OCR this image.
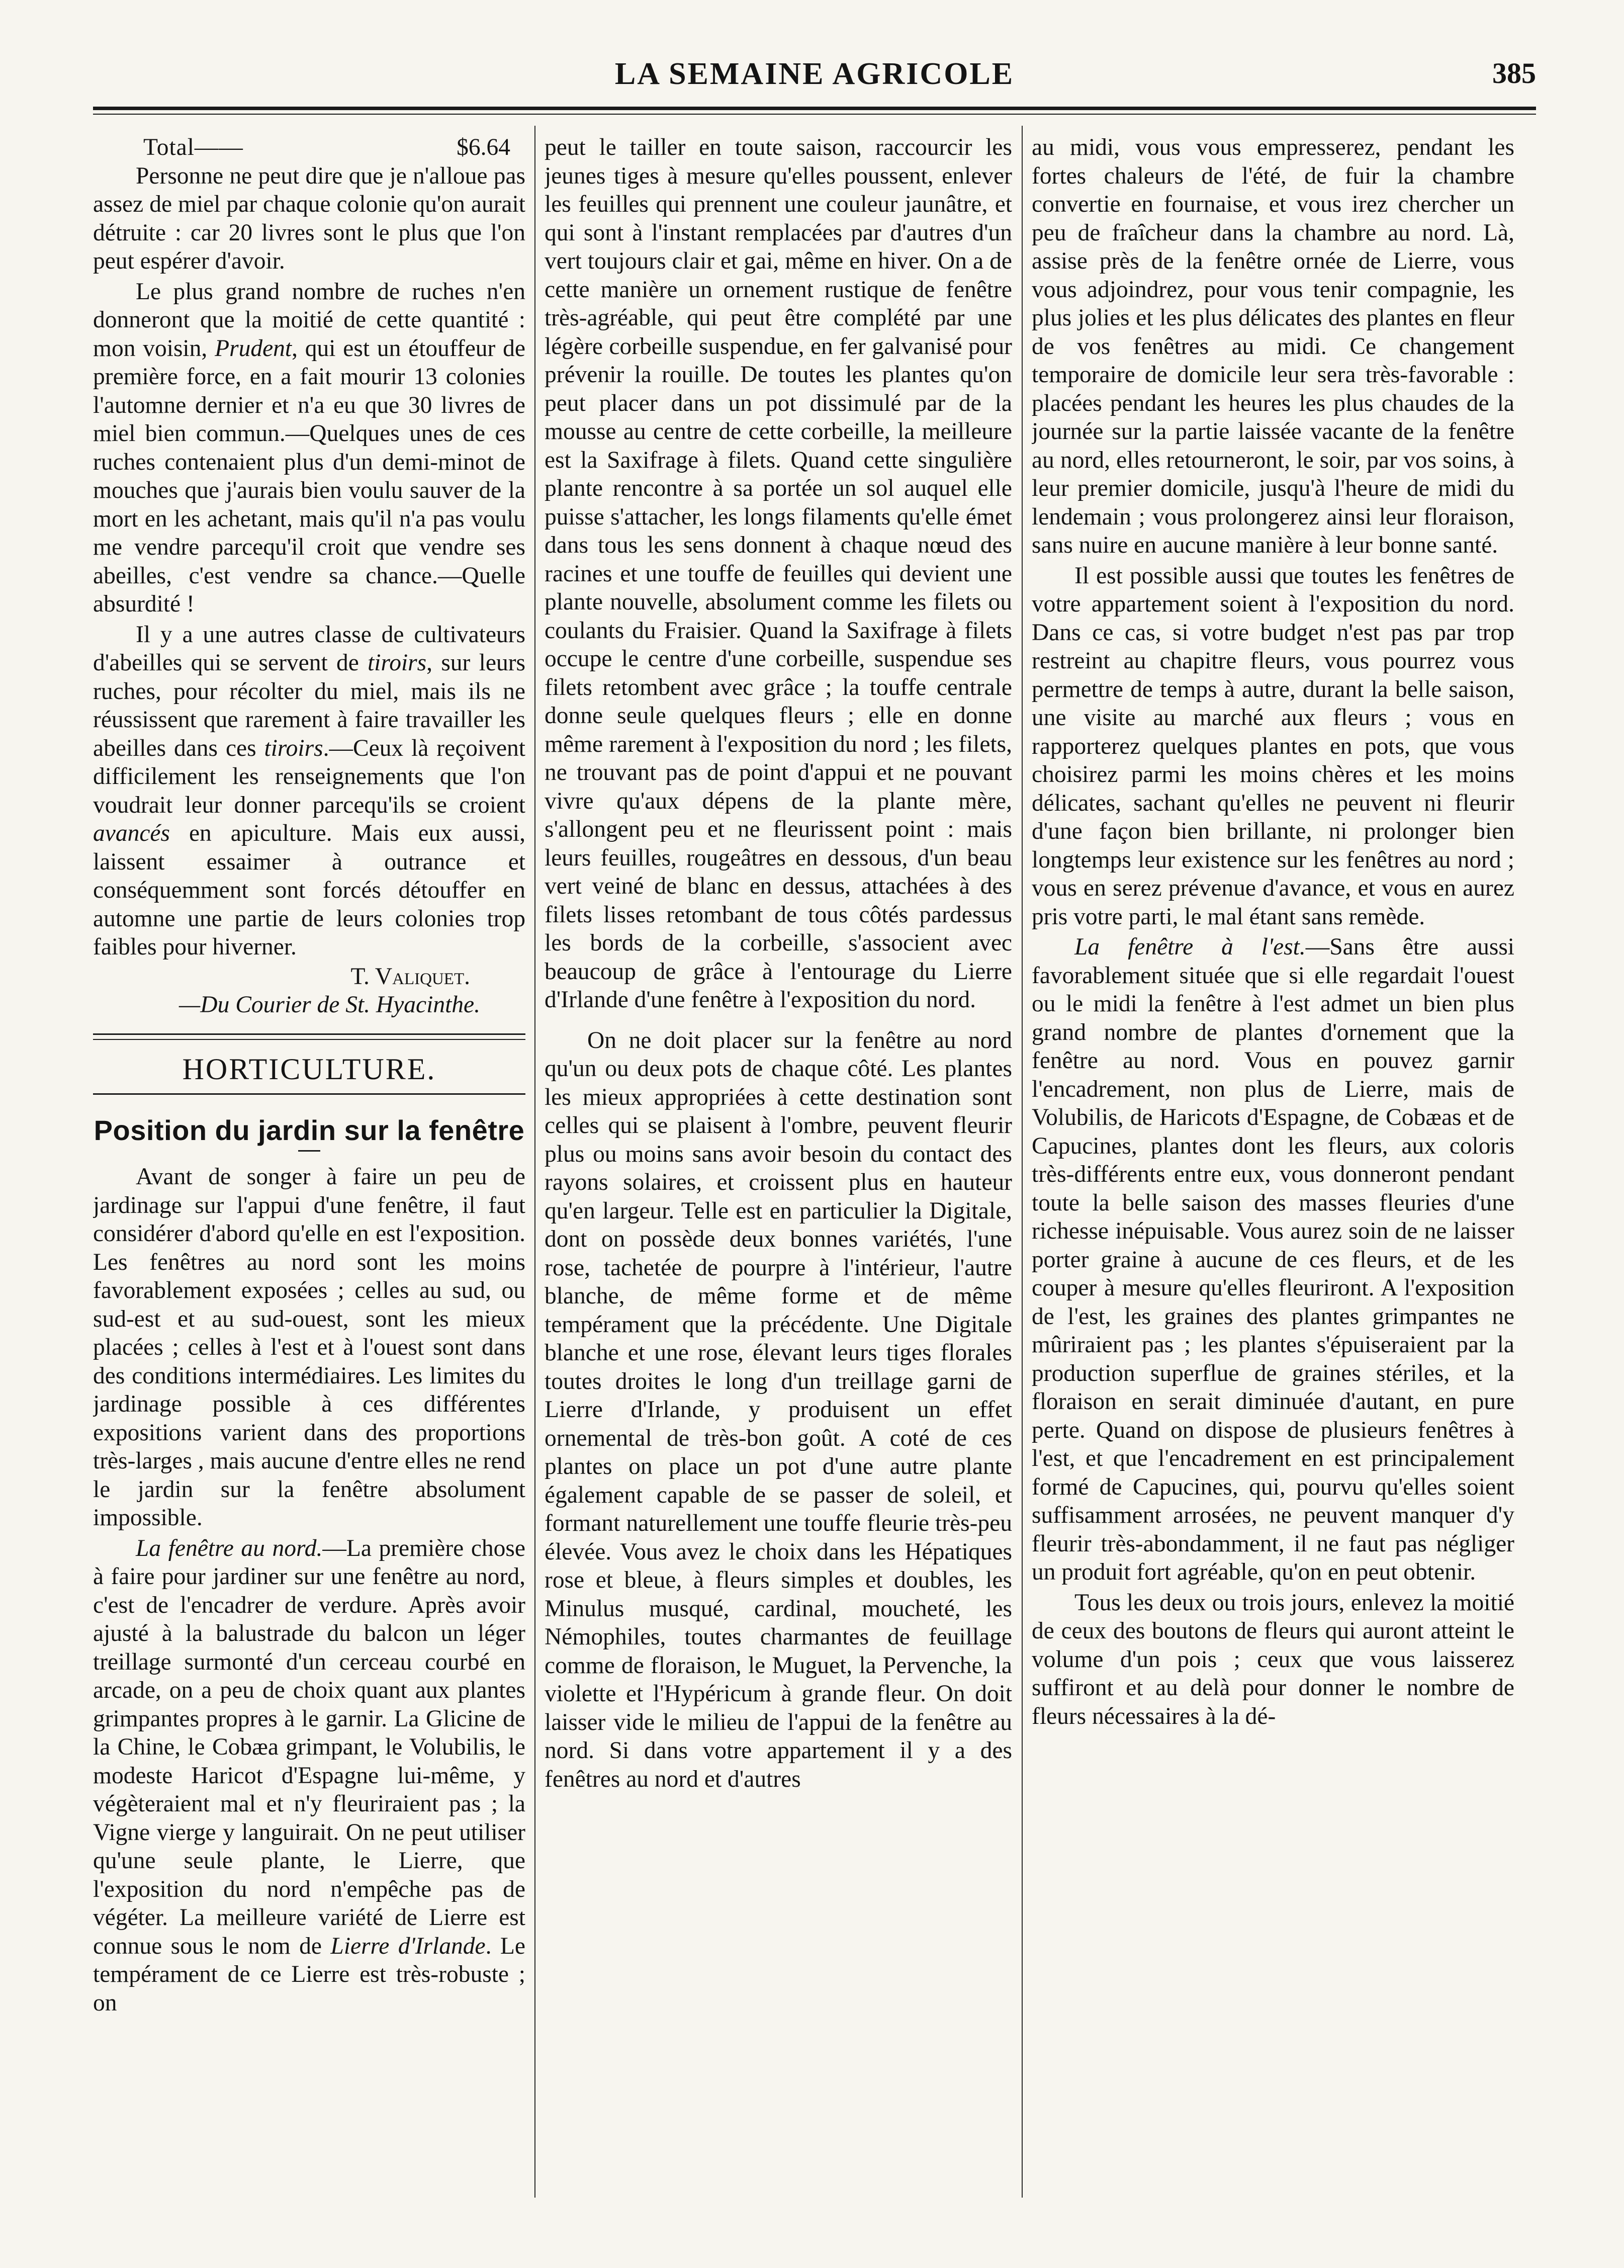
LA SEMAINE AGRICOLE	385
Total——	$6.64

Personne ne peut dire que je n'alloue pas assez de miel par chaque colonie qu'on aurait détruite : car 20 livres sont le plus que l'on peut espérer d'avoir.

Le plus grand nombre de ruches n'en donneront que la moitié de cette quantité : mon voisin, Prudent, qui est un étouffeur de première force, en a fait mourir 13 colonies l'automne dernier et n'a eu que 30 livres de miel bien commun.—Quelques unes de ces ruches contenaient plus d'un demi-minot de mouches que j'aurais bien voulu sauver de la mort en les achetant, mais qu'il n'a pas voulu me vendre parcequ'il croit que vendre ses abeilles, c'est vendre sa chance.—Quelle absurdité !

Il y a une autres classe de cultivateurs d'abeilles qui se servent de tiroirs, sur leurs ruches, pour récolter du miel, mais ils ne réussissent que rarement à faire travailler les abeilles dans ces tiroirs.—Ceux là reçoivent difficilement les renseignements que l'on voudrait leur donner parcequ'ils se croient avancés en apiculture. Mais eux aussi, laissent essaimer à outrance et conséquemment sont forcés détouffer en automne une partie de leurs colonies trop faibles pour hiverner.

T. Valiquet.
—Du Courier de St. Hyacinthe.
HORTICULTURE.
Position du jardin sur la fenêtre

Avant de songer à faire un peu de jardinage sur l'appui d'une fenêtre, il faut considérer d'abord qu'elle en est l'exposition. Les fenêtres au nord sont les moins favorablement exposées ; celles au sud, ou sud-est et au sud-ouest, sont les mieux placées ; celles à l'est et à l'ouest sont dans des conditions intermédiaires. Les limites du jardinage possible à ces différentes expositions varient dans des proportions très-larges , mais aucune d'entre elles ne rend le jardin sur la fenêtre absolument impossible.

La fenêtre au nord.—La première chose à faire pour jardiner sur une fenêtre au nord, c'est de l'encadrer de verdure. Après avoir ajusté à la balustrade du balcon un léger treillage surmonté d'un cerceau courbé en arcade, on a peu de choix quant aux plantes grimpantes propres à le garnir. La Glicine de la Chine, le Cobæa grimpant, le Volubilis, le modeste Haricot d'Espagne lui-même, y végèteraient mal et n'y fleuriraient pas ; la Vigne vierge y languirait. On ne peut utiliser qu'une seule plante, le Lierre, que l'exposition du nord n'empêche pas de végéter. La meilleure variété de Lierre est connue sous le nom de Lierre d'Irlande. Le tempérament de ce Lierre est très-robuste ; on

peut le tailler en toute saison, raccourcir les jeunes tiges à mesure qu'elles poussent, enlever les feuilles qui prennent une couleur jaunâtre, et qui sont à l'instant remplacées par d'autres d'un vert toujours clair et gai, même en hiver. On a de cette manière un ornement rustique de fenêtre très-agréable, qui peut être complété par une légère corbeille suspendue, en fer galvanisé pour prévenir la rouille. De toutes les plantes qu'on peut placer dans un pot dissimulé par de la mousse au centre de cette corbeille, la meilleure est la Saxifrage à filets. Quand cette singulière plante rencontre à sa portée un sol auquel elle puisse s'attacher, les longs filaments qu'elle émet dans tous les sens donnent à chaque nœud des racines et une touffe de feuilles qui devient une plante nouvelle, absolument comme les filets ou coulants du Fraisier. Quand la Saxifrage à filets occupe le centre d'une corbeille, suspendue ses filets retombent avec grâce ; la touffe centrale donne seule quelques fleurs ; elle en donne même rarement à l'exposition du nord ; les filets, ne trouvant pas de point d'appui et ne pouvant vivre qu'aux dépens de la plante mère, s'allongent peu et ne fleurissent point : mais leurs feuilles, rougeâtres en dessous, d'un beau vert veiné de blanc en dessus, attachées à des filets lisses retombant de tous côtés pardessus les bords de la corbeille, s'associent avec beaucoup de grâce à l'entourage du Lierre d'Irlande d'une fenêtre à l'exposition du nord.

On ne doit placer sur la fenêtre au nord qu'un ou deux pots de chaque côté. Les plantes les mieux appropriées à cette destination sont celles qui se plaisent à l'ombre, peuvent fleurir plus ou moins sans avoir besoin du contact des rayons solaires, et croissent plus en hauteur qu'en largeur. Telle est en particulier la Digitale, dont on possède deux bonnes variétés, l'une rose, tachetée de pourpre à l'intérieur, l'autre blanche, de même forme et de même tempérament que la précédente. Une Digitale blanche et une rose, élevant leurs tiges florales toutes droites le long d'un treillage garni de Lierre d'Irlande, y produisent un effet ornemental de très-bon goût. A coté de ces plantes on place un pot d'une autre plante également capable de se passer de soleil, et formant naturellement une touffe fleurie très-peu élevée. Vous avez le choix dans les Hépatiques rose et bleue, à fleurs simples et doubles, les Minulus musqué, cardinal, moucheté, les Némophiles, toutes charmantes de feuillage comme de floraison, le Muguet, la Pervenche, la violette et l'Hypéricum à grande fleur. On doit laisser vide le milieu de l'appui de la fenêtre au nord. Si dans votre appartement il y a des fenêtres au nord et d'autres

au midi, vous vous empresserez, pendant les fortes chaleurs de l'été, de fuir la chambre convertie en fournaise, et vous irez chercher un peu de fraîcheur dans la chambre au nord. Là, assise près de la fenêtre ornée de Lierre, vous vous adjoindrez, pour vous tenir compagnie, les plus jolies et les plus délicates des plantes en fleur de vos fenêtres au midi. Ce changement temporaire de domicile leur sera très-favorable : placées pendant les heures les plus chaudes de la journée sur la partie laissée vacante de la fenêtre au nord, elles retourneront, le soir, par vos soins, à leur premier domicile, jusqu'à l'heure de midi du lendemain ; vous prolongerez ainsi leur floraison, sans nuire en aucune manière à leur bonne santé.

Il est possible aussi que toutes les fenêtres de votre appartement soient à l'exposition du nord. Dans ce cas, si votre budget n'est pas par trop restreint au chapitre fleurs, vous pourrez vous permettre de temps à autre, durant la belle saison, une visite au marché aux fleurs ; vous en rapporterez quelques plantes en pots, que vous choisirez parmi les moins chères et les moins délicates, sachant qu'elles ne peuvent ni fleurir d'une façon bien brillante, ni prolonger bien longtemps leur existence sur les fenêtres au nord ; vous en serez prévenue d'avance, et vous en aurez pris votre parti, le mal étant sans remède.

La fenêtre à l'est.—Sans être aussi favorablement située que si elle regardait l'ouest ou le midi la fenêtre à l'est admet un bien plus grand nombre de plantes d'ornement que la fenêtre au nord. Vous en pouvez garnir l'encadrement, non plus de Lierre, mais de Volubilis, de Haricots d'Espagne, de Cobæas et de Capucines, plantes dont les fleurs, aux coloris très-différents entre eux, vous donneront pendant toute la belle saison des masses fleuries d'une richesse inépuisable. Vous aurez soin de ne laisser porter graine à aucune de ces fleurs, et de les couper à mesure qu'elles fleuriront. A l'exposition de l'est, les graines des plantes grimpantes ne mûriraient pas ; les plantes s'épuiseraient par la production superflue de graines stériles, et la floraison en serait diminuée d'autant, en pure perte. Quand on dispose de plusieurs fenêtres à l'est, et que l'encadrement en est principalement formé de Capucines, qui, pourvu qu'elles soient suffisamment arrosées, ne peuvent manquer d'y fleurir très-abondamment, il ne faut pas négliger un produit fort agréable, qu'on en peut obtenir.

Tous les deux ou trois jours, enlevez la moitié de ceux des boutons de fleurs qui auront atteint le volume d'un pois ; ceux que vous laisserez suffiront et au delà pour donner le nombre de fleurs nécessaires à la dé-
